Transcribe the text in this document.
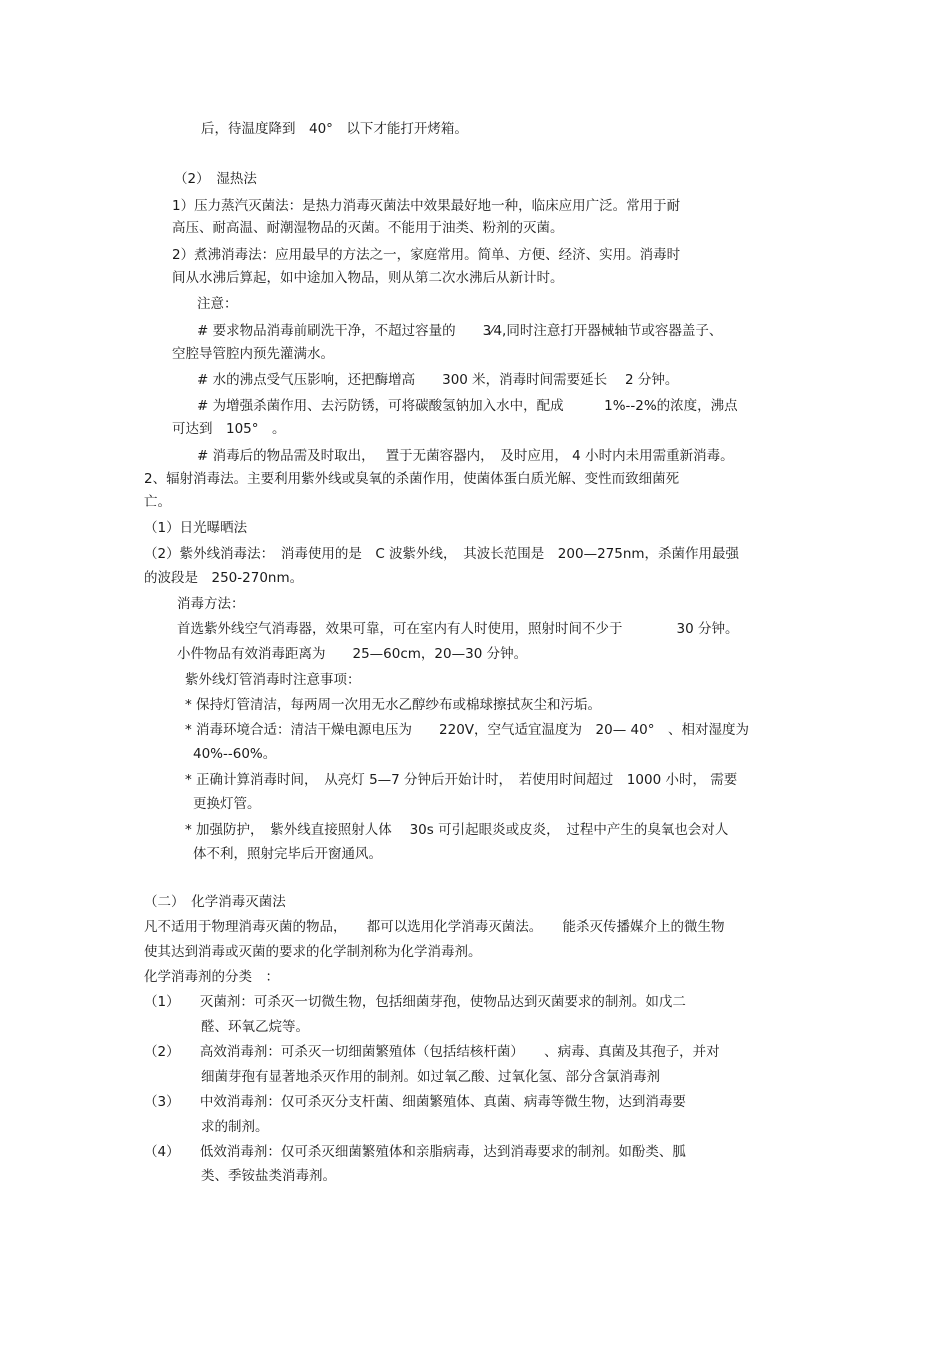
后，待温度降到　40°　以下才能打开烤箱。
（2）　湿热法
1）压力蒸汽灭菌法：是热力消毒灭菌法中效果最好地一种，临床应用广泛。常用于耐
高压、耐高温、耐潮湿物品的灭菌。不能用于油类、粉剂的灭菌。
2）煮沸消毒法：应用最早的方法之一，家庭常用。简单、方便、经济、实用。消毒时
间从水沸后算起，如中途加入物品，则从第二次水沸后从新计时。
注意：
# 要求物品消毒前刷洗干净，不超过容量的　　3⁄4,同时注意打开器械轴节或容器盖子、
空腔导管腔内预先灌满水。
# 水的沸点受气压影响，还把酶增高　　300 米，消毒时间需要延长　 2 分钟。
# 为增强杀菌作用、去污防锈，可将碳酸氢钠加入水中，配成　　　1%--2%的浓度，沸点
可达到　105°　。
# 消毒后的物品需及时取出，　 置于无菌容器内，　及时应用， 4 小时内未用需重新消毒。
2、辐射消毒法。主要利用紫外线或臭氧的杀菌作用，使菌体蛋白质光解、变性而致细菌死
亡。
（1）日光曝晒法
（2）紫外线消毒法：　消毒使用的是　C 波紫外线，　其波长范围是　200—275nm，杀菌作用最强
的波段是　250-270nm。
消毒方法：
首选紫外线空气消毒器，效果可靠，可在室内有人时使用，照射时间不少于　　　　30 分钟。
小件物品有效消毒距离为　　25—60cm，20—30 分钟。
紫外线灯管消毒时注意事项：
* 保持灯管清洁，每两周一次用无水乙醇纱布或棉球擦拭灰尘和污垢。
* 消毒环境合适：清洁干燥电源电压为　　220V，空气适宜温度为　20— 40°　、相对湿度为
40%--60%。
* 正确计算消毒时间，　从亮灯 5—7 分钟后开始计时，　若使用时间超过　1000 小时， 需要
更换灯管。
* 加强防护，　紫外线直接照射人体　 30s 可引起眼炎或皮炎，　过程中产生的臭氧也会对人
体不利，照射完毕后开窗通风。
（二）　化学消毒灭菌法
凡不适用于物理消毒灭菌的物品，　　都可以选用化学消毒灭菌法。　　能杀灭传播媒介上的微生物
使其达到消毒或灭菌的要求的化学制剂称为化学消毒剂。
化学消毒剂的分类　：
（1）　　灭菌剂：可杀灭一切微生物，包括细菌芽孢，使物品达到灭菌要求的制剂。如戊二
醛、环氧乙烷等。
（2）　　高效消毒剂：可杀灭一切细菌繁殖体（包括结核杆菌）　　、病毒、真菌及其孢子，并对
细菌芽孢有显著地杀灭作用的制剂。如过氧乙酸、过氧化氢、部分含氯消毒剂
（3）　　中效消毒剂：仅可杀灭分支杆菌、细菌繁殖体、真菌、病毒等微生物，达到消毒要
求的制剂。
（4）　　低效消毒剂：仅可杀灭细菌繁殖体和亲脂病毒，达到消毒要求的制剂。如酚类、胍
类、季铵盐类消毒剂。
